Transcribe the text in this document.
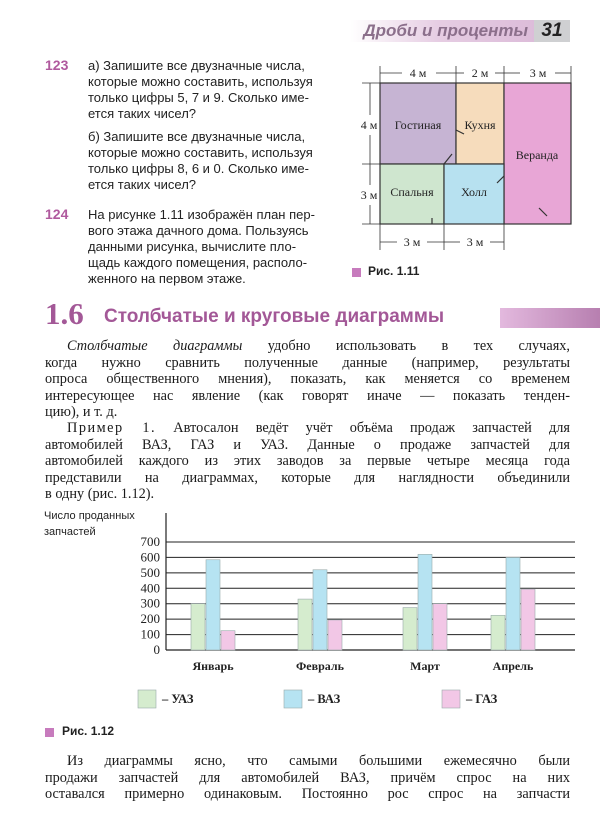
Дроби и проценты 31
123 а) Запишите все двузначные числа,
которые можно составить, используя
только цифры 5, 7 и 9. Сколько име-
ется таких чисел?
б) Запишите все двузначные числа,
которые можно составить, используя
только цифры 8, 6 и 0. Сколько име-
ется таких чисел?
124 На рисунке 1.11 изображён план пер-
вого этажа дачного дома. Пользуясь
данными рисунка, вычислите пло-
щадь каждого помещения, располо-
женного на первом этаже.
4 м	2 м	3 м
4 м
3 м
3 м	3 м
Гостиная Кухня
Веранда
Спальня Холл
Рис. 1.11
1.6 Столбчатые и круговые диаграммы
Столбчатые диаграммы удобно использовать в тех случаях,
когда нужно сравнить полученные данные (например, результаты
опроса общественного мнения), показать, как меняется со временем
интересующее нас явление (как говорят иначе — показать тенден-
цию), и т. д.
Пример 1. Автосалон ведёт учёт объёма продаж запчастей для
автомобилей ВАЗ, ГАЗ и УАЗ. Данные о продаже запчастей для
автомобилей каждого из этих заводов за первые четыре месяца года
представили на диаграммах, которые для наглядности объединили
в одну (рис. 1.12).
Число проданных
запчастей
100
200
300
400
500
600
700
0
Январь	Февраль	Март	Апрель
– УАЗ	– ВАЗ	– ГАЗ
Рис. 1.12
Из диаграммы ясно, что самыми большими ежемесячно были
продажи запчастей для автомобилей ВАЗ, причём спрос на них
оставался примерно одинаковым. Постоянно рос спрос на запчасти
